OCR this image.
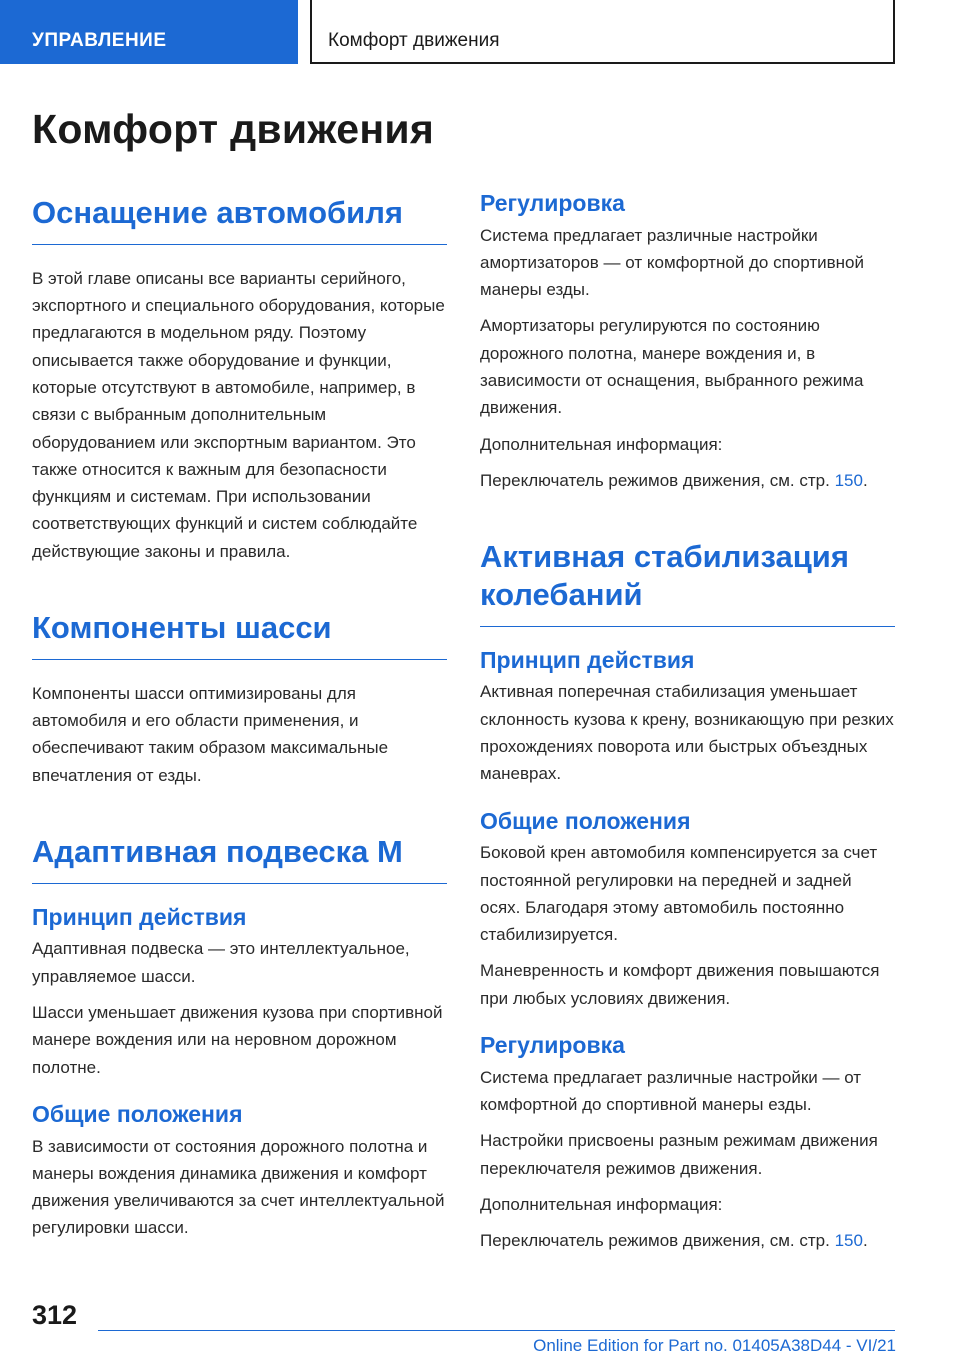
УПРАВЛЕНИЕ	Комфорт движения
Комфорт движения
Оснащение автомобиля

В этой главе описаны все варианты серийного, экспортного и специального оборудования, которые предлагаются в модельном ряду. Поэтому описывается также оборудование и функции, которые отсутствуют в автомобиле, например, в связи с выбранным дополнительным оборудованием или экспортным вариантом. Это также относится к важным для безопасности функциям и системам. При использовании соответствующих функций и систем соблюдайте действующие законы и правила.

Компоненты шасси

Компоненты шасси оптимизированы для автомобиля и его области применения, и обеспечивают таким образом максимальные впечатления от езды.

Адаптивная подвеска M
Принцип действия

Адаптивная подвеска — это интеллектуальное, управляемое шасси.

Шасси уменьшает движения кузова при спортивной манере вождения или на неровном дорожном полотне.

Общие положения

В зависимости от состояния дорожного полотна и манеры вождения динамика движения и комфорт движения увеличиваются за счет интеллектуальной регулировки шасси.

Регулировка

Система предлагает различные настройки амортизаторов — от комфортной до спортивной манеры езды.

Амортизаторы регулируются по состоянию дорожного полотна, манере вождения и, в зависимости от оснащения, выбранного режима движения.

Дополнительная информация:

Переключатель режимов движения, см. стр. 150.

Активная стабилизация колебаний
Принцип действия

Активная поперечная стабилизация уменьшает склонность кузова к крену, возникающую при резких прохождениях поворота или быстрых объездных маневрах.

Общие положения

Боковой крен автомобиля компенсируется за счет постоянной регулировки на передней и задней осях. Благодаря этому автомобиль постоянно стабилизируется.

Маневренность и комфорт движения повышаются при любых условиях движения.

Регулировка

Система предлагает различные настройки — от комфортной до спортивной манеры езды.

Настройки присвоены разным режимам движения переключателя режимов движения.

Дополнительная информация:

Переключатель режимов движения, см. стр. 150.

312
Online Edition for Part no. 01405A38D44 - VI/21
